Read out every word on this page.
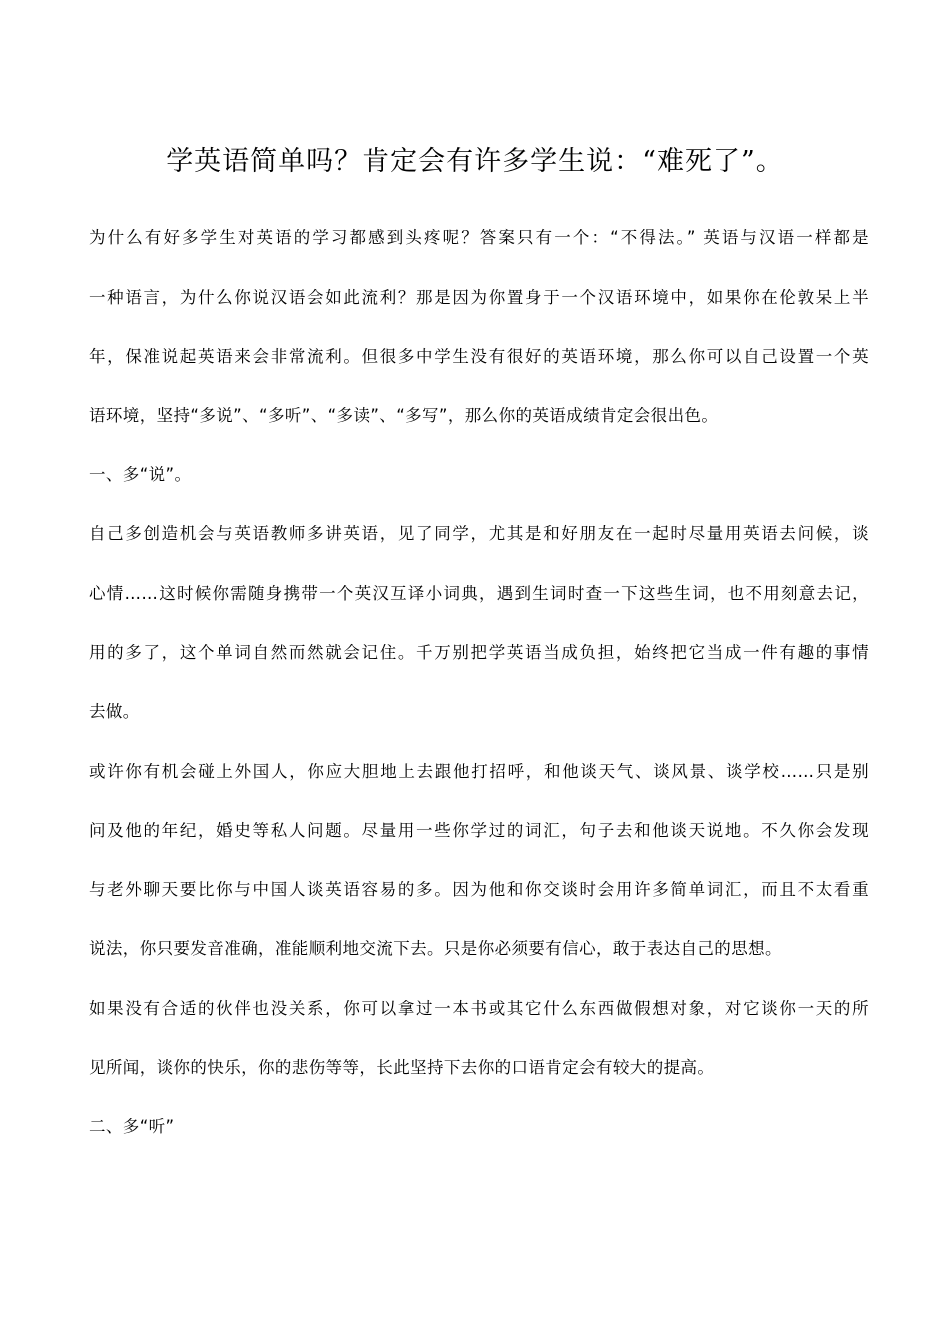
学英语简单吗？肯定会有许多学生说：“难死了”。
为什么有好多学生对英语的学习都感到头疼呢？答案只有一个：“不得法。” 英语与汉语一样都是
一种语言，为什么你说汉语会如此流利？那是因为你置身于一个汉语环境中，如果你在伦敦呆上半
年，保准说起英语来会非常流利。但很多中学生没有很好的英语环境，那么你可以自己设置一个英
语环境，坚持“多说”、“多听”、“多读”、“多写”，那么你的英语成绩肯定会很出色。
一、多“说”。
自己多创造机会与英语教师多讲英语，见了同学，尤其是和好朋友在一起时尽量用英语去问候，谈
心情……这时候你需随身携带一个英汉互译小词典，遇到生词时查一下这些生词，也不用刻意去记，
用的多了，这个单词自然而然就会记住。千万别把学英语当成负担，始终把它当成一件有趣的事情
去做。
或许你有机会碰上外国人，你应大胆地上去跟他打招呼，和他谈天气、谈风景、谈学校……只是别
问及他的年纪，婚史等私人问题。尽量用一些你学过的词汇，句子去和他谈天说地。不久你会发现
与老外聊天要比你与中国人谈英语容易的多。因为他和你交谈时会用许多简单词汇，而且不太看重
说法，你只要发音准确，准能顺利地交流下去。只是你必须要有信心，敢于表达自己的思想。
如果没有合适的伙伴也没关系，你可以拿过一本书或其它什么东西做假想对象，对它谈你一天的所
见所闻，谈你的快乐，你的悲伤等等，长此坚持下去你的口语肯定会有较大的提高。
二、多“听”
